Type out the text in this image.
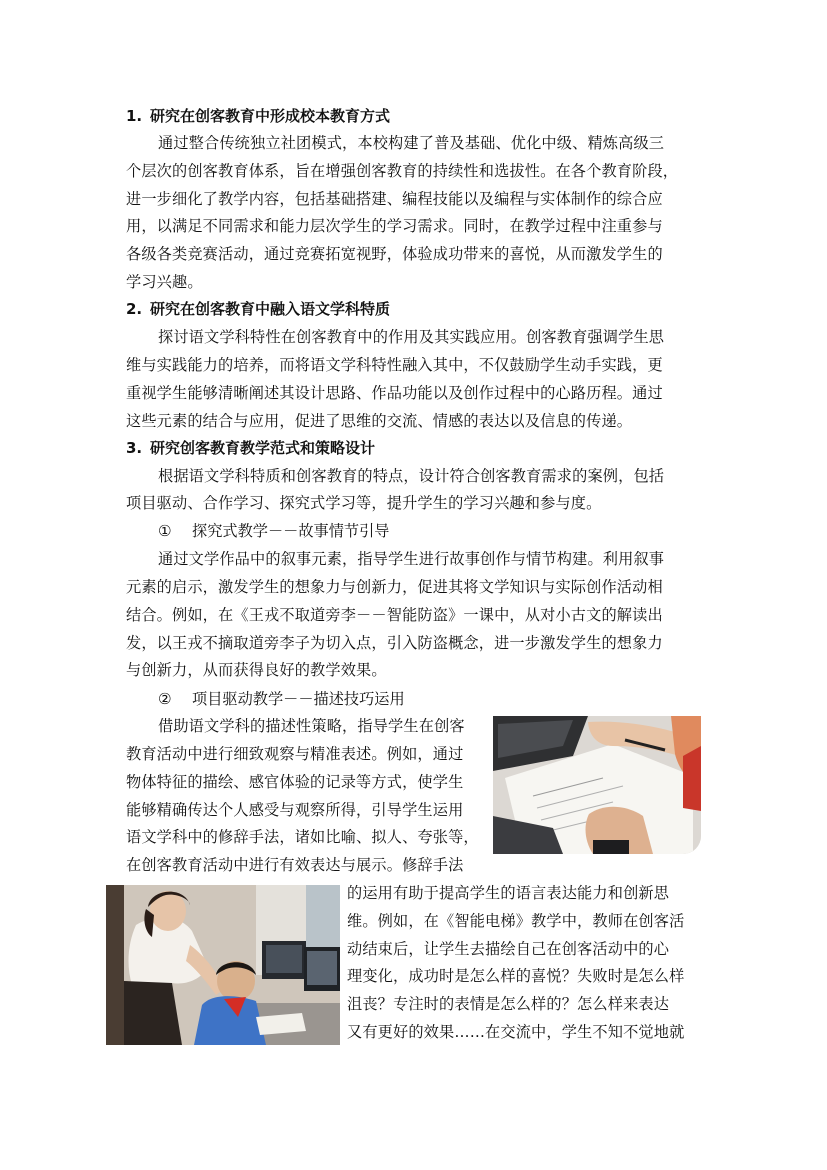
1. 研究在创客教育中形成校本教育方式
通过整合传统独立社团模式，本校构建了普及基础、优化中级、精炼高级三
个层次的创客教育体系，旨在增强创客教育的持续性和选拔性。在各个教育阶段，
进一步细化了教学内容，包括基础搭建、编程技能以及编程与实体制作的综合应
用，以满足不同需求和能力层次学生的学习需求。同时，在教学过程中注重参与
各级各类竞赛活动，通过竞赛拓宽视野，体验成功带来的喜悦，从而激发学生的
学习兴趣。
2. 研究在创客教育中融入语文学科特质
探讨语文学科特性在创客教育中的作用及其实践应用。创客教育强调学生思
维与实践能力的培养，而将语文学科特性融入其中，不仅鼓励学生动手实践，更
重视学生能够清晰阐述其设计思路、作品功能以及创作过程中的心路历程。通过
这些元素的结合与应用，促进了思维的交流、情感的表达以及信息的传递。
3. 研究创客教育教学范式和策略设计
根据语文学科特质和创客教育的特点，设计符合创客教育需求的案例，包括
项目驱动、合作学习、探究式学习等，提升学生的学习兴趣和参与度。
① 探究式教学－－故事情节引导
通过文学作品中的叙事元素，指导学生进行故事创作与情节构建。利用叙事
元素的启示，激发学生的想象力与创新力，促进其将文学知识与实际创作活动相
结合。例如，在《王戎不取道旁李－－智能防盗》一课中，从对小古文的解读出
发，以王戎不摘取道旁李子为切入点，引入防盗概念，进一步激发学生的想象力
与创新力，从而获得良好的教学效果。
② 项目驱动教学－－描述技巧运用
借助语文学科的描述性策略，指导学生在创客
教育活动中进行细致观察与精准表述。例如，通过
物体特征的描绘、感官体验的记录等方式，使学生
能够精确传达个人感受与观察所得，引导学生运用
语文学科中的修辞手法，诸如比喻、拟人、夸张等，
在创客教育活动中进行有效表达与展示。修辞手法
的运用有助于提高学生的语言表达能力和创新思
维。例如，在《智能电梯》教学中，教师在创客活
动结束后，让学生去描绘自己在创客活动中的心
理变化，成功时是怎么样的喜悦？失败时是怎么样
沮丧？专注时的表情是怎么样的？怎么样来表达
又有更好的效果……在交流中，学生不知不觉地就
